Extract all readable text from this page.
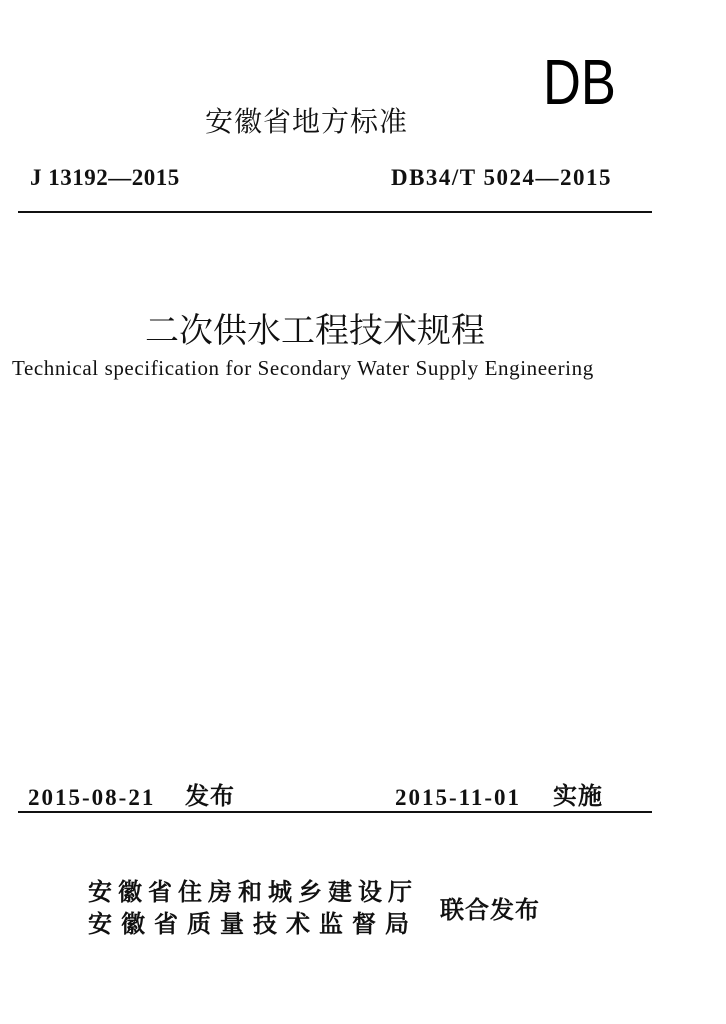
DB
安徽省地方标准
J 13192—2015	DB34/T 5024—2015
二次供水工程技术规程
Technical specification for Secondary Water Supply Engineering
2015-08-21 发布	2015-11-01 实施
安徽省住房和城乡建设厅
安徽省质量技术监督局 联合发布
